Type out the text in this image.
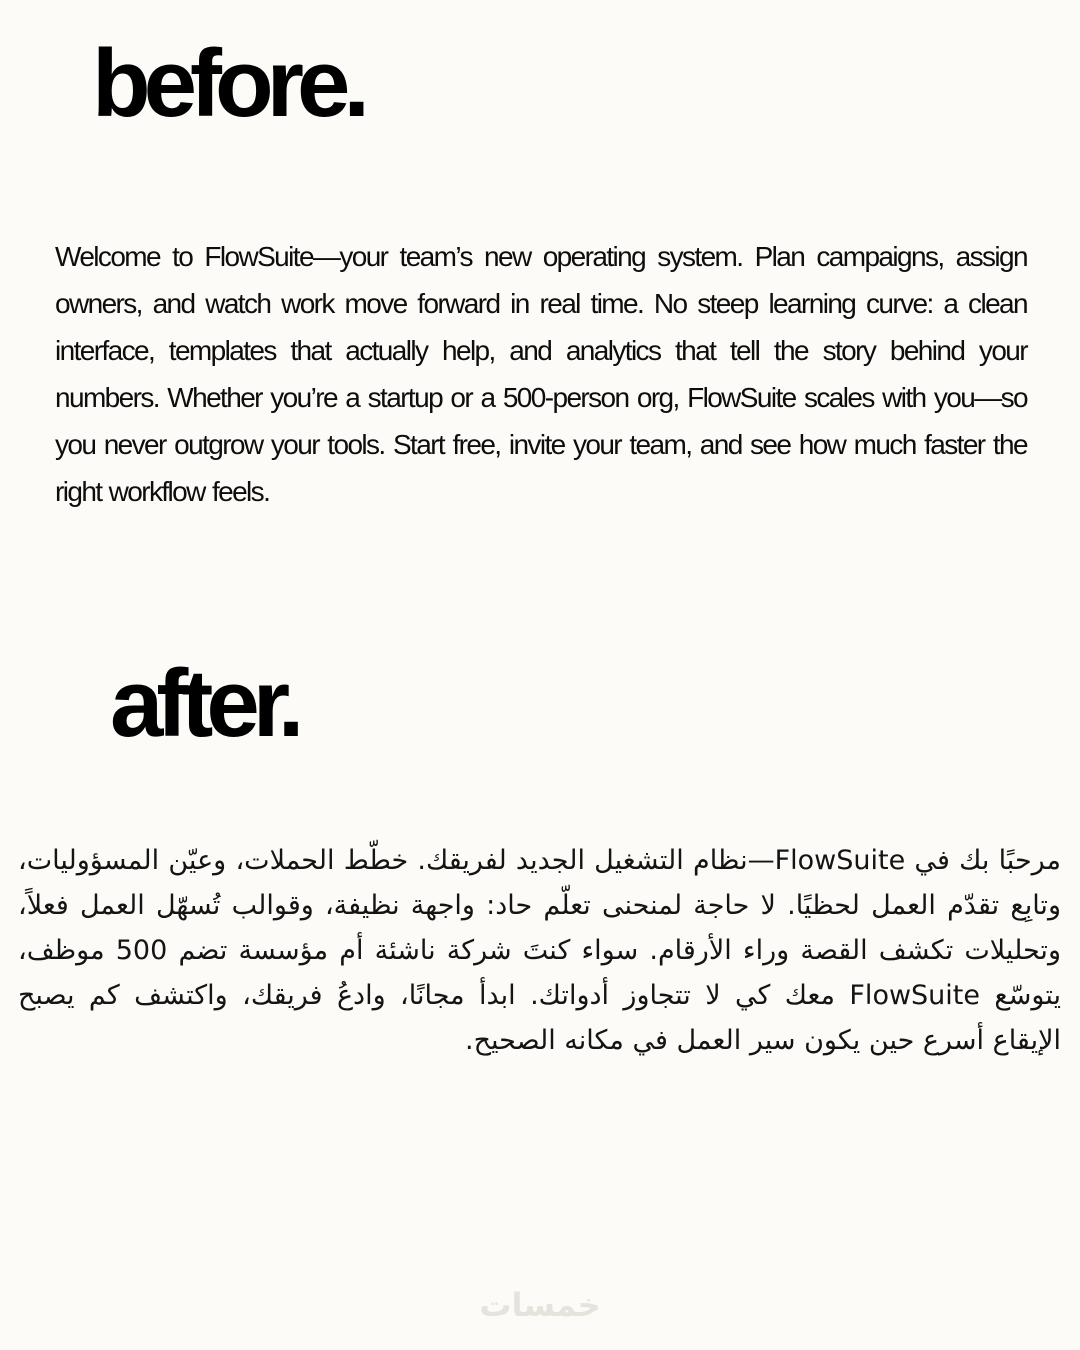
before.

Welcome to FlowSuite—your team’s new operating system. Plan campaigns, assign owners, and watch work move forward in real time. No steep learning curve: a clean interface, templates that actually help, and analytics that tell the story behind your numbers. Whether you’re a startup or a 500-person org, FlowSuite scales with you—so you never outgrow your tools. Start free, invite your team, and see how much faster the right workflow feels.

after.

مرحبًا بك في FlowSuite—نظام التشغيل الجديد لفريقك. خطّط الحملات، وعيّن المسؤوليات، وتابِع تقدّم العمل لحظيًا. لا حاجة لمنحنى تعلّم حاد: واجهة نظيفة، وقوالب تُسهّل العمل فعلاً، وتحليلات تكشف القصة وراء الأرقام. سواء كنتَ شركة ناشئة أم مؤسسة تضم 500 موظف، يتوسّع FlowSuite معك كي لا تتجاوز أدواتك. ابدأ مجانًا، وادعُ فريقك، واكتشف كم يصبح الإيقاع أسرع حين يكون سير العمل في مكانه الصحيح.

خمسات
